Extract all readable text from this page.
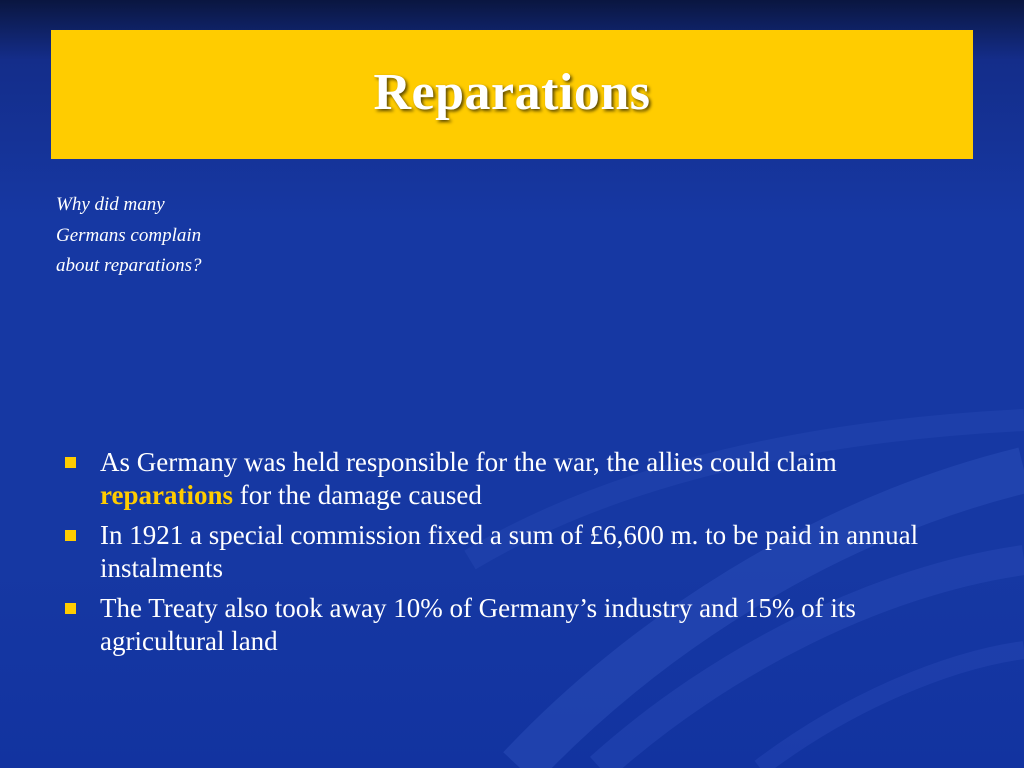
Reparations
Why did many Germans complain about reparations?
As Germany was held responsible for the war, the allies could claim reparations for the damage caused
In 1921 a special commission fixed a sum of £6,600 m. to be paid in annual instalments
The Treaty also took away 10% of Germany’s industry and 15% of its agricultural land
